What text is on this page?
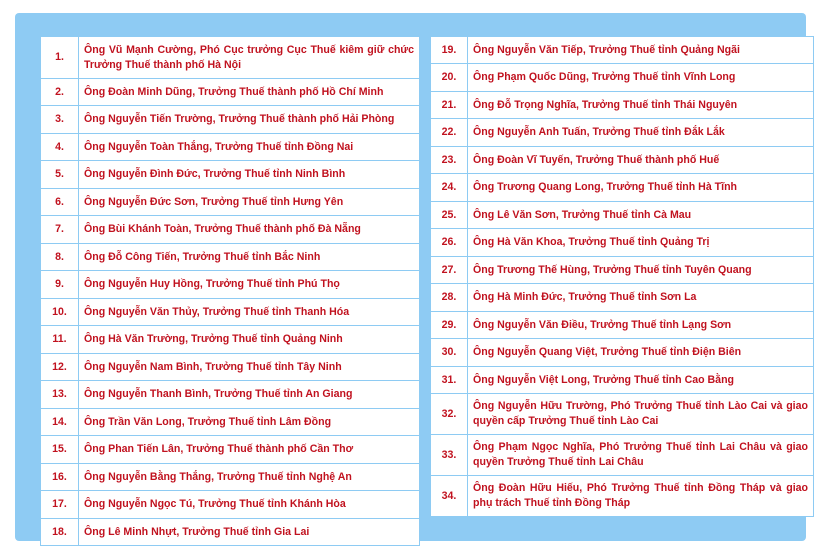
1.	Ông Vũ Mạnh Cường, Phó Cục trưởng Cục Thuế kiêm giữ chức Trưởng Thuế thành phố Hà Nội
2.	Ông Đoàn Minh Dũng, Trưởng Thuế thành phố Hồ Chí Minh
3.	Ông Nguyễn Tiến Trường, Trưởng Thuế thành phố Hải Phòng
4.	Ông Nguyễn Toàn Thắng, Trưởng Thuế tỉnh Đồng Nai
5.	Ông Nguyễn Đình Đức, Trưởng Thuế tỉnh Ninh Bình
6.	Ông Nguyễn Đức Sơn, Trưởng Thuế tỉnh Hưng Yên
7.	Ông Bùi Khánh Toàn, Trưởng Thuế thành phố Đà Nẵng
8.	Ông Đỗ Công Tiến, Trưởng Thuế tỉnh Bắc Ninh
9.	Ông Nguyễn Huy Hồng, Trưởng Thuế tỉnh Phú Thọ
10.	Ông Nguyễn Văn Thủy, Trưởng Thuế tỉnh Thanh Hóa
11.	Ông Hà Văn Trường, Trưởng Thuế tỉnh Quảng Ninh
12.	Ông Nguyễn Nam Bình, Trưởng Thuế tỉnh Tây Ninh
13.	Ông Nguyễn Thanh Bình, Trưởng Thuế tỉnh An Giang
14.	Ông Trần Văn Long, Trưởng Thuế tỉnh Lâm Đồng
15.	Ông Phan Tiến Lân, Trưởng Thuế thành phố Cần Thơ
16.	Ông Nguyễn Bằng Thắng, Trưởng Thuế tỉnh Nghệ An
17.	Ông Nguyễn Ngọc Tú, Trưởng Thuế tỉnh Khánh Hòa
18.	Ông Lê Minh Nhựt, Trưởng Thuế tỉnh Gia Lai
19.	Ông Nguyễn Văn Tiếp, Trưởng Thuế tỉnh Quảng Ngãi
20.	Ông Phạm Quốc Dũng, Trưởng Thuế tỉnh Vĩnh Long
21.	Ông Đỗ Trọng Nghĩa, Trưởng Thuế tỉnh Thái Nguyên
22.	Ông Nguyễn Anh Tuấn, Trưởng Thuế tỉnh Đắk Lắk
23.	Ông Đoàn Vĩ Tuyến, Trưởng Thuế thành phố Huế
24.	Ông Trương Quang Long, Trưởng Thuế tỉnh Hà Tĩnh
25.	Ông Lê Văn Sơn, Trưởng Thuế tỉnh Cà Mau
26.	Ông Hà Văn Khoa, Trưởng Thuế tỉnh Quảng Trị
27.	Ông Trương Thế Hùng, Trưởng Thuế tỉnh Tuyên Quang
28.	Ông Hà Minh Đức, Trưởng Thuế tỉnh Sơn La
29.	Ông Nguyễn Văn Điều, Trưởng Thuế tỉnh Lạng Sơn
30.	Ông Nguyễn Quang Việt, Trưởng Thuế tỉnh Điện Biên
31.	Ông Nguyễn Việt Long, Trưởng Thuế tỉnh Cao Bằng
32.	Ông Nguyễn Hữu Trường, Phó Trưởng Thuế tỉnh Lào Cai và giao quyền cấp Trưởng Thuế tỉnh Lào Cai
33.	Ông Phạm Ngọc Nghĩa, Phó Trưởng Thuế tỉnh Lai Châu và giao quyền Trưởng Thuế tỉnh Lai Châu
34.	Ông Đoàn Hữu Hiếu, Phó Trưởng Thuế tỉnh Đồng Tháp và giao phụ trách Thuế tỉnh Đồng Tháp
